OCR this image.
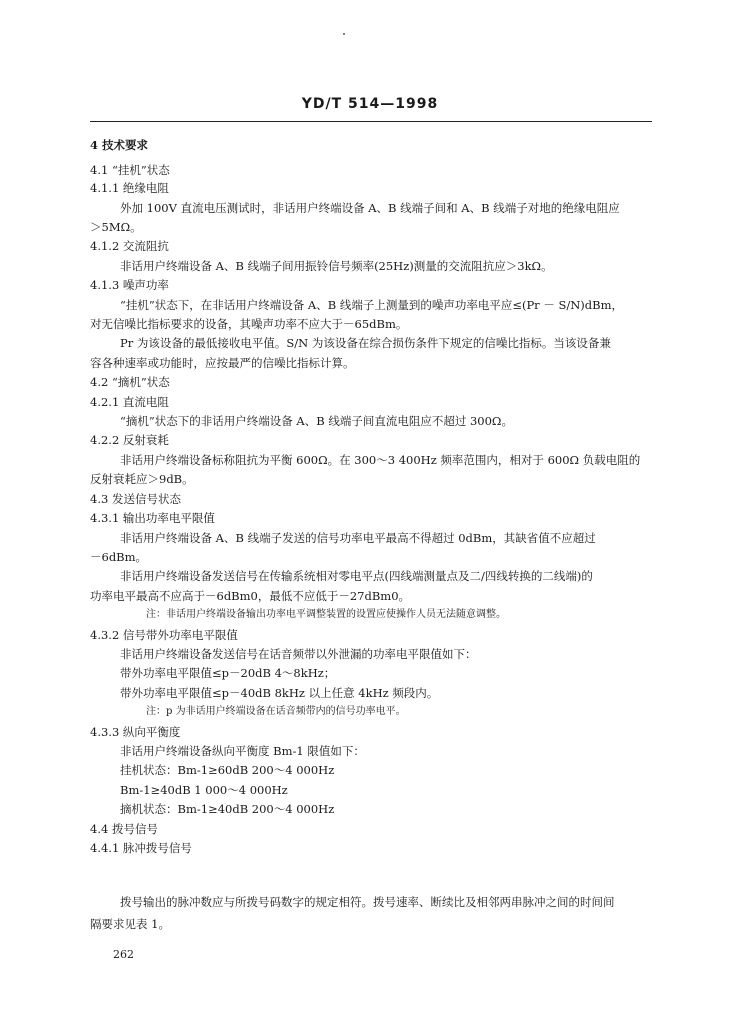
YD/T 514—1998
4 技术要求
4.1 “挂机”状态
4.1.1 绝缘电阻
外加 100V 直流电压测试时，非话用户终端设备 A、B 线端子间和 A、B 线端子对地的绝缘电阻应
＞5MΩ。
4.1.2 交流阻抗
非话用户终端设备 A、B 线端子间用振铃信号频率(25Hz)测量的交流阻抗应＞3kΩ。
4.1.3 噪声功率
“挂机”状态下，在非话用户终端设备 A、B 线端子上测量到的噪声功率电平应≤(Pr － S/N)dBm，
对无信噪比指标要求的设备，其噪声功率不应大于－65dBm。
Pr 为该设备的最低接收电平值。S/N 为该设备在综合损伤条件下规定的信噪比指标。当该设备兼
容各种速率或功能时，应按最严的信噪比指标计算。
4.2 “摘机”状态
4.2.1 直流电阻
“摘机”状态下的非话用户终端设备 A、B 线端子间直流电阻应不超过 300Ω。
4.2.2 反射衰耗
非话用户终端设备标称阻抗为平衡 600Ω。在 300～3 400Hz 频率范围内，相对于 600Ω 负载电阻的
反射衰耗应＞9dB。
4.3 发送信号状态
4.3.1 输出功率电平限值
非话用户终端设备 A、B 线端子发送的信号功率电平最高不得超过 0dBm，其缺省值不应超过
－6dBm。
非话用户终端设备发送信号在传输系统相对零电平点(四线端测量点及二/四线转换的二线端)的
功率电平最高不应高于－6dBm0，最低不应低于－27dBm0。
注：非话用户终端设备输出功率电平调整装置的设置应使操作人员无法随意调整。
4.3.2 信号带外功率电平限值
非话用户终端设备发送信号在话音频带以外泄漏的功率电平限值如下：
带外功率电平限值≤p－20dB 4～8kHz；
带外功率电平限值≤p－40dB 8kHz 以上任意 4kHz 频段内。
注：p 为非话用户终端设备在话音频带内的信号功率电平。
4.3.3 纵向平衡度
非话用户终端设备纵向平衡度 Bm-1 限值如下：
挂机状态：Bm-1≥60dB 200～4 000Hz
Bm-1≥40dB 1 000～4 000Hz
摘机状态：Bm-1≥40dB 200～4 000Hz
4.4 拨号信号
4.4.1 脉冲拨号信号
拨号输出的脉冲数应与所拨号码数字的规定相符。拨号速率、断续比及相邻两串脉冲之间的时间间
隔要求见表 1。
262
